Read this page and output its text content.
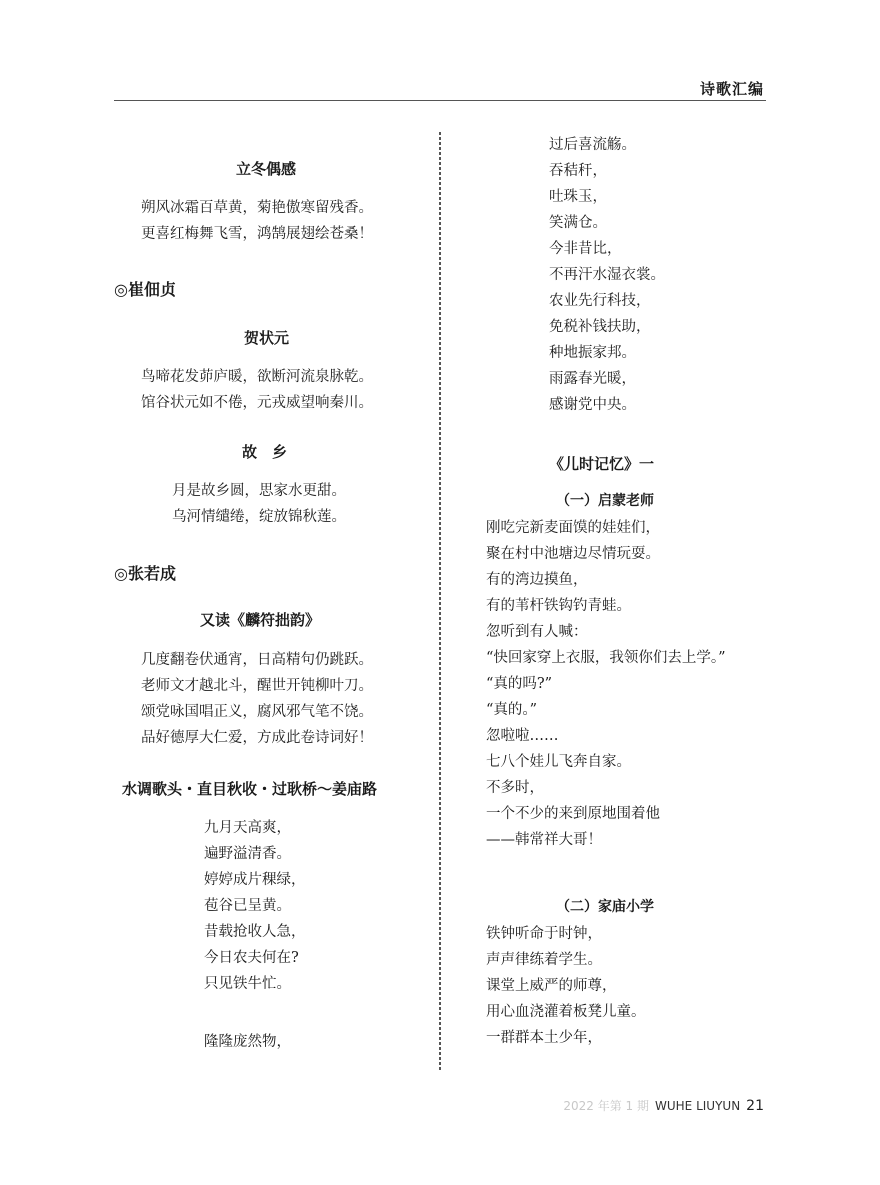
诗歌汇编
立冬偶感
朔风冰霜百草黄，菊艳傲寒留残香。
更喜红梅舞飞雪，鸿鹄展翅绘苍桑！
◎崔佃贞
贺状元
鸟啼花发茆庐暖，欲断河流泉脉乾。
馆谷状元如不倦，元戎威望响秦川。
故　乡
月是故乡圆，思家水更甜。
乌河情缱绻，绽放锦秋莲。
◎张若成
又读《麟符拙韵》
几度翻卷伏通宵，日高精句仍跳跃。
老师文才越北斗，醒世开钝柳叶刀。
颂党咏国唱正义，腐风邪气笔不饶。
品好德厚大仁爱，方成此卷诗词好！
水调歌头・直目秋收・过耿桥～姜庙路
九月天高爽，
遍野溢清香。
婷婷成片稞绿，
苞谷已呈黄。
昔载抢收人急，
今日农夫何在?
只见铁牛忙。
隆隆庞然物，
过后喜流觞。
吞秸秆，
吐珠玉，
笑满仓。
今非昔比，
不再汗水湿衣裳。
农业先行科技，
免税补钱扶助，
种地振家邦。
雨露春光暖，
感谢党中央。
《儿时记忆》一
（一）启蒙老师
刚吃完新麦面馍的娃娃们，
聚在村中池塘边尽情玩耍。
有的湾边摸鱼，
有的苇杆铁钩钓青蛙。
忽听到有人喊：
“快回家穿上衣服，我领你们去上学。”
“真的吗?”
“真的。”
忽啦啦……
七八个娃儿飞奔自家。
不多时，
一个不少的来到原地围着他
——韩常祥大哥！
（二）家庙小学
铁钟听命于时钟，
声声律练着学生。
课堂上威严的师尊，
用心血浇灌着板凳儿童。
一群群本土少年，
2022 年第 1 期 WUHE LIUYUN 21
